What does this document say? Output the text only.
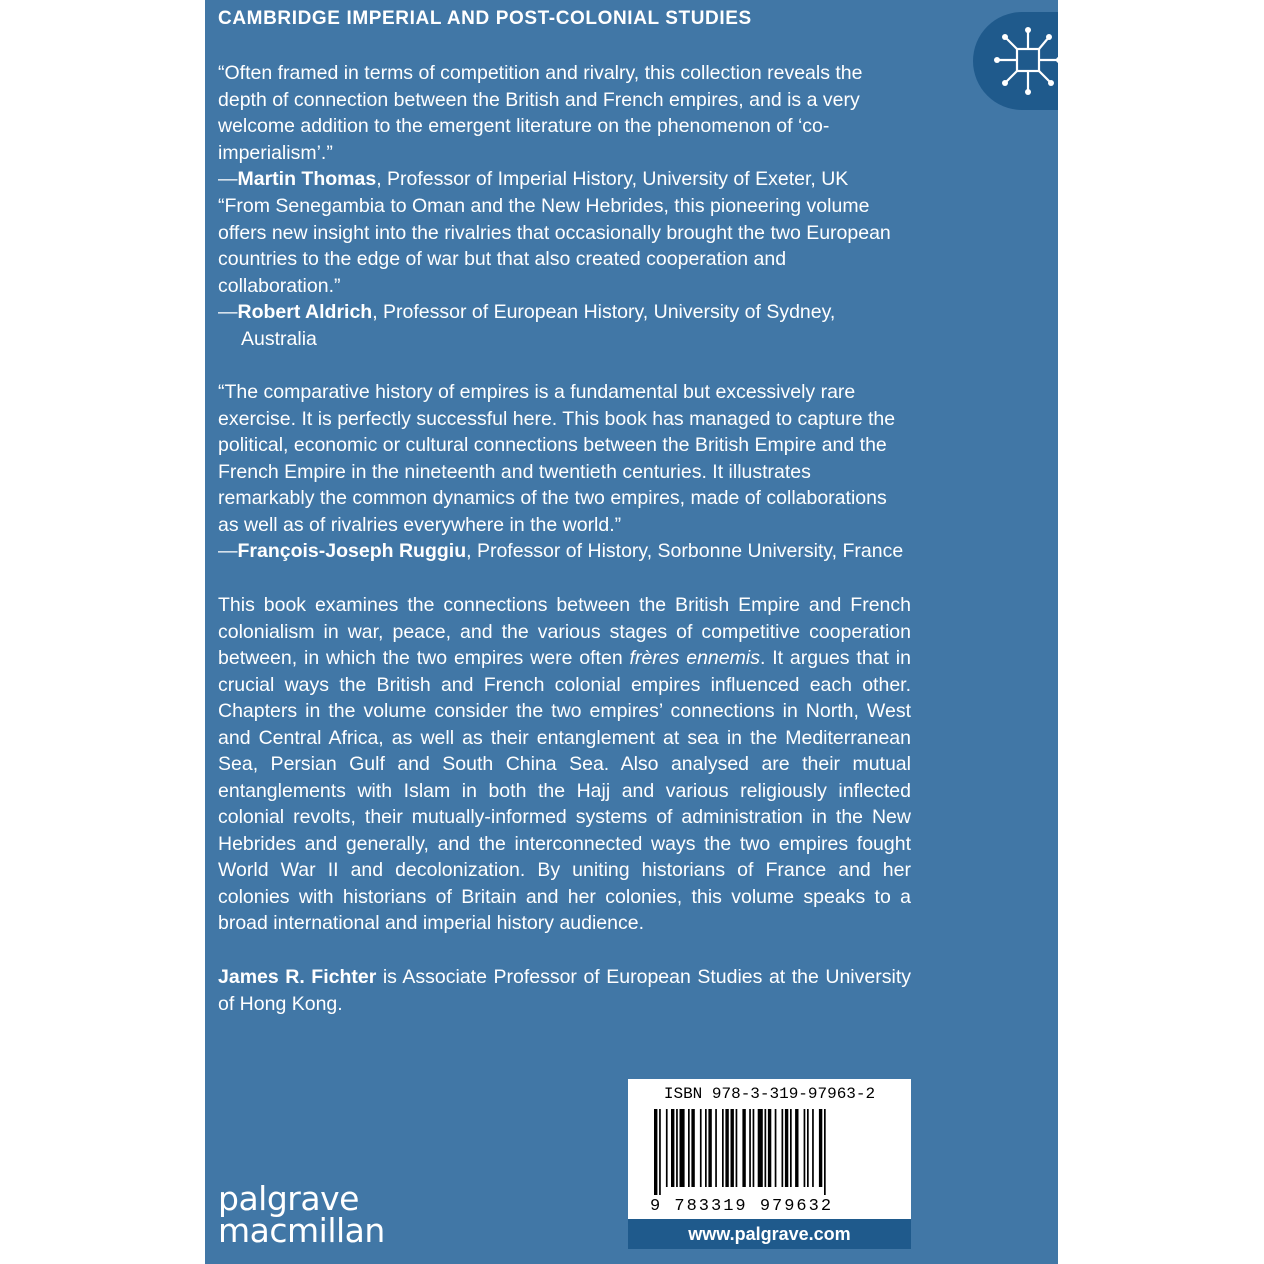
CAMBRIDGE IMPERIAL AND POST-COLONIAL STUDIES
“Often framed in terms of competition and rivalry, this collection reveals the depth of connection between the British and French empires, and is a very welcome addition to the emergent literature on the phenomenon of ‘co-imperialism’.”
—Martin Thomas, Professor of Imperial History, University of Exeter, UK
“From Senegambia to Oman and the New Hebrides, this pioneering volume offers new insight into the rivalries that occasionally brought the two European countries to the edge of war but that also created cooperation and collaboration.”
—Robert Aldrich, Professor of European History, University of Sydney,
Australia
“The comparative history of empires is a fundamental but excessively rare exercise. It is perfectly successful here. This book has managed to capture the political, economic or cultural connections between the British Empire and the French Empire in the nineteenth and twentieth centuries. It illustrates remarkably the common dynamics of the two empires, made of collaborations as well as of rivalries everywhere in the world.”
—François-Joseph Ruggiu, Professor of History, Sorbonne University, France
This book examines the connections between the British Empire and French colonialism in war, peace, and the various stages of competitive cooperation between, in which the two empires were often frères ennemis. It argues that in crucial ways the British and French colonial empires influenced each other. Chapters in the volume consider the two empires’ connections in North, West and Central Africa, as well as their entanglement at sea in the Mediterranean Sea, Persian Gulf and South China Sea. Also analysed are their mutual entanglements with Islam in both the Hajj and various religiously inflected colonial revolts, their mutually-informed systems of administration in the New Hebrides and generally, and the interconnected ways the two empires fought World War II and decolonization. By uniting historians of France and her colonies with historians of Britain and her colonies, this volume speaks to a broad international and imperial history audience.
James R. Fichter is Associate Professor of European Studies at the University of Hong Kong.
ISBN 978-3-319-97963-2
9 783319 979632
www.palgrave.com
palgrave
macmillan
